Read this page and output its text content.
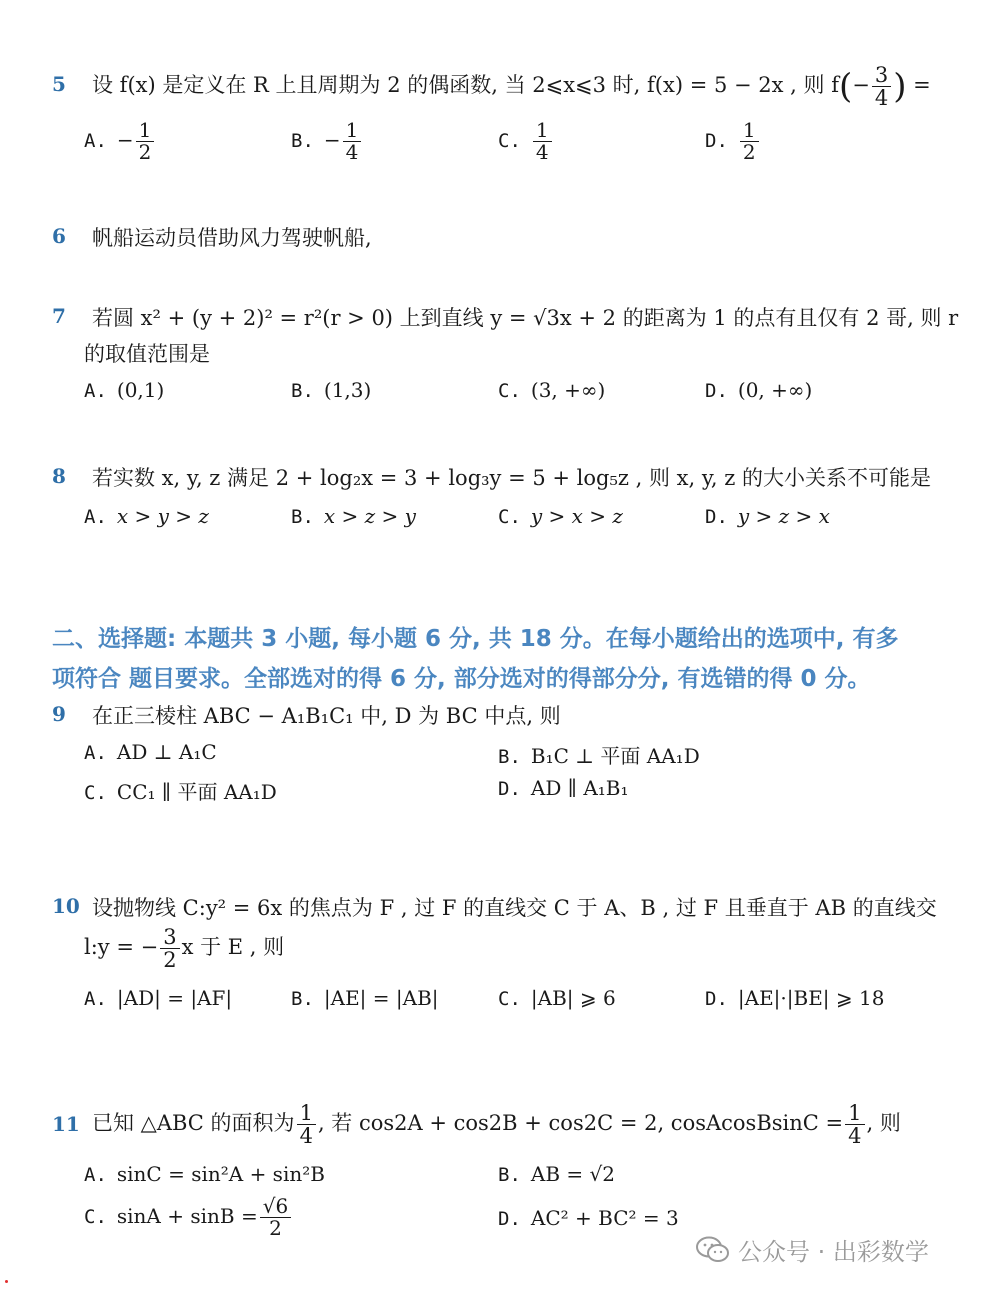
5 设 f(x) 是定义在 R 上且周期为 2 的偶函数, 当 2⩽x⩽3 时, f(x) = 5 − 2x , 则 $f(- \frac{3}{4}$ ) =
A. − $\frac{1}{2}$	B. − $\frac{1}{4}$	C. $\frac{1}{4}$	D. $\frac{1}{2}$
6 帆船运动员借助风力驾驶帆船,
7 若圆 x² + (y + 2)² = r²(r > 0) 上到直线 y = √3x + 2 的距离为 1 的点有且仅有 2 哥, 则 r
的取值范围是
A. (0,1)	B. (1,3)	C. (3, +∞)	D. (0, +∞)
8 若实数 x, y, z 满足 2 + log₂x = 3 + log₃y = 5 + log₅z , 则 x, y, z 的大小关系不可能是
A. x > y > z	B. x > z > y	C. y > x > z	D. y > z > x
二、选择题: 本题共 3 小题, 每小题 6 分, 共 18 分。在每小题给出的选项中, 有多
项符合 题目要求。全部选对的得 6 分, 部分选对的得部分分, 有选错的得 0 分。
9 在正三棱柱 ABC − A₁B₁C₁ 中, D 为 BC 中点, 则
A. AD ⊥ A₁C	B. B₁C ⊥ 平面 AA₁D
C. CC₁ ∥ 平面 AA₁D	D. AD ∥ A₁B₁
10 设抛物线 C:y² = 6x 的焦点为 F , 过 F 的直线交 C 于 A、B , 过 F 且垂直于 AB 的直线交
l:y = − $\frac{3}{2}$ x 于 E , 则
A. |AD| = |AF|	B. |AE| = |AB|	C. |AB| ⩾ 6	D. |AE|·|BE| ⩾ 18
11 已知 △ABC 的面积为 $\frac{1}{4}$ , 若 cos2A + cos2B + cos2C = 2, cosAcosBsinC = $\frac{1}{4}$ , 则
A. sinC = sin²A + sin²B	B. AB = √2
C. $\sin A + \sin B = \frac{√6}{2}$	D. AC² + BC² = 3
公众号 · 出彩数学
